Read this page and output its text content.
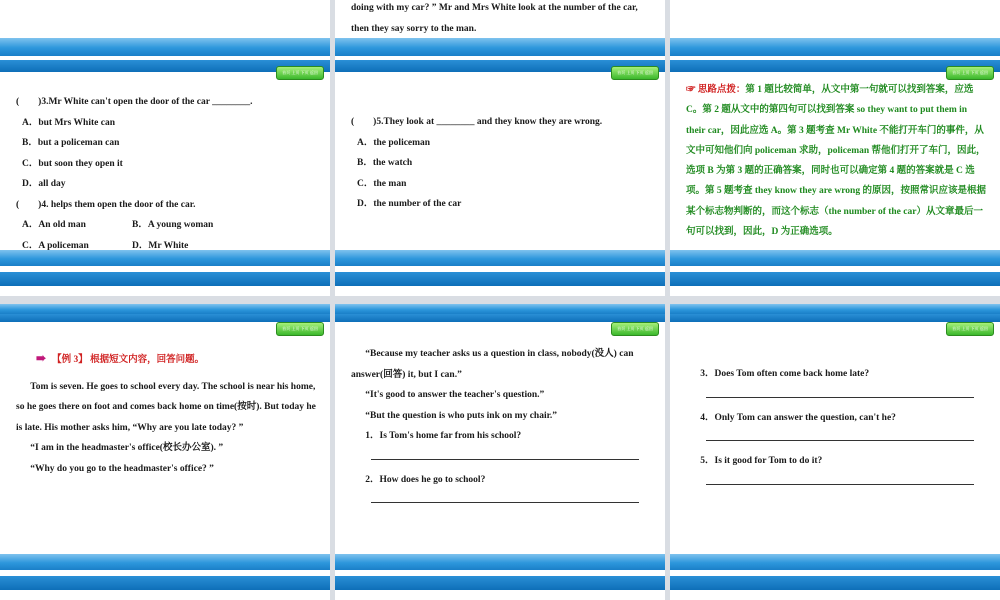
首页 上页 下页 返回

(　　)3.Mr White can't open the door of the car ________.

A．but Mrs White can

B．but a policeman can

C．but soon they open it

D．all day

(　　)4. helps them open the door of the car.

A．An old man	B．A young woman
C．A policeman	D．Mr White

doing with my car? ” Mr and Mrs White look at the number of the car, then they say sorry to the man.

首页 上页 下页 返回

(　　)5.They look at ________ and they know they are wrong.

A．the policeman

B．the watch

C．the man

D．the number of the car

首页 上页 下页 返回

☞ 思路点拨：第 1 题比较简单，从文中第一句就可以找到答案，应选 C。第 2 题从文中的第四句可以找到答案 so they want to put them in their car，因此应选 A。第 3 题考查 Mr White 不能打开车门的事件，从文中可知他们向 policeman 求助，policeman 帮他们打开了车门，因此，选项 B 为第 3 题的正确答案，同时也可以确定第 4 题的答案就是 C 选项。第 5 题考查 they know they are wrong 的原因，按照常识应该是根据某个标志物判断的，而这个标志（the number of the car）从文章最后一句可以找到，因此，D 为正确选项。

首页 上页 下页 返回

➠ 【例 3】 根据短文内容，回答问题。

Tom is seven. He goes to school every day. The school is near his home, so he goes there on foot and comes back home on time(按时). But today he is late. His mother asks him, “Why are you late today? ”

“I am in the headmaster's office(校长办公室). ”

“Why do you go to the headmaster's office? ”

首页 上页 下页 返回

“Because my teacher asks us a question in class, nobody(没人) can answer(回答) it, but I can.”

“It's good to answer the teacher's question.”

“But the question is who puts ink on my chair.”

1．Is Tom's home far from his school?

2．How does he go to school?

首页 上页 下页 返回

3．Does Tom often come back home late?

4．Only Tom can answer the question, can't he?

5．Is it good for Tom to do it?
